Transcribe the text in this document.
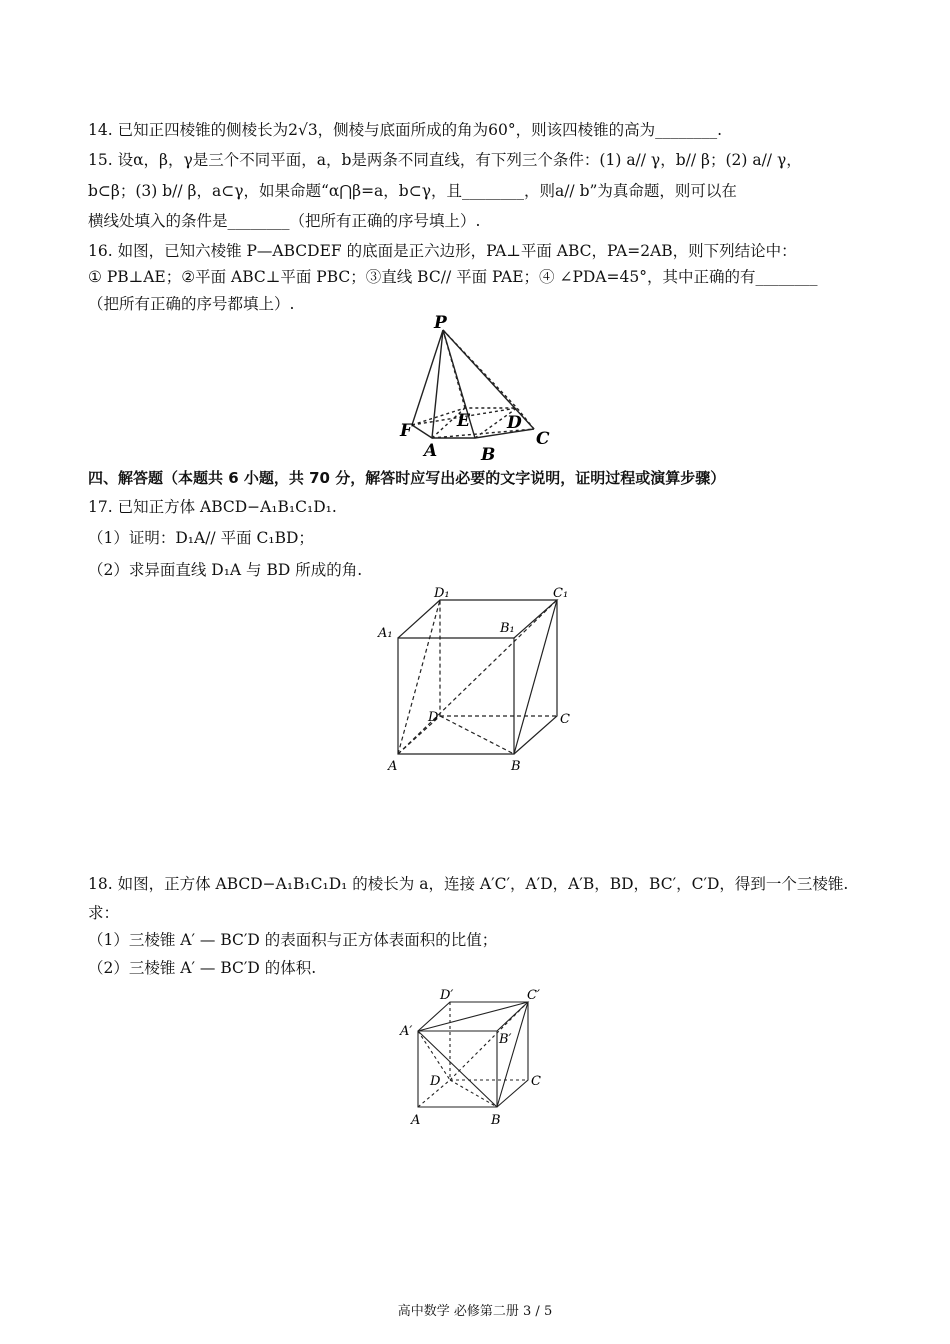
14. 已知正四棱锥的侧棱长为2√3，侧棱与底面所成的角为60°，则该四棱锥的高为________.
15. 设α，β，γ是三个不同平面，a，b是两条不同直线，有下列三个条件：(1) a// γ，b// β；(2) a// γ，
b⊂β；(3) b// β，a⊂γ，如果命题“α⋂β=a，b⊂γ，且________，则a// b”为真命题，则可以在
横线处填入的条件是________（把所有正确的序号填上）.
16. 如图，已知六棱锥 P—ABCDEF 的底面是正六边形，PA⊥平面 ABC，PA=2AB，则下列结论中：
① PB⊥AE；②平面 ABC⊥平面 PBC；③直线 BC// 平面 PAE；④ ∠PDA=45°，其中正确的有________
（把所有正确的序号都填上）.
P
F
A
E D
B
C
四、解答题（本题共 6 小题，共 70 分，解答时应写出必要的文字说明，证明过程或演算步骤）
17. 已知正方体 ABCD−A₁B₁C₁D₁.
（1）证明：D₁A// 平面 C₁BD；
（2）求异面直线 D₁A 与 BD 所成的角.
D₁	C₁
A₁	B₁
D	C
A	B
18. 如图，正方体 ABCD−A₁B₁C₁D₁ 的棱长为 a，连接 A′C′，A′D，A′B，BD，BC′，C′D，得到一个三棱锥.
求：
（1）三棱锥 A′ — BC′D 的表面积与正方体表面积的比值；
（2）三棱锥 A′ — BC′D 的体积.
D′	C′
A′
B′
D	C
A	B
高中数学 必修第二册 3 / 5
